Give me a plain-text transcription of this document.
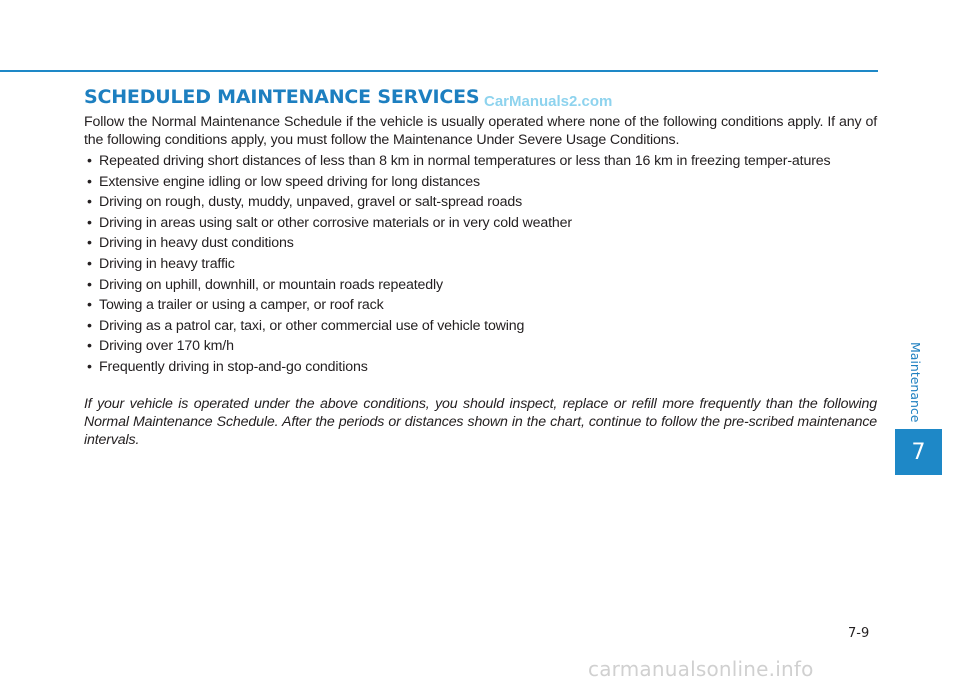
SCHEDULED MAINTENANCE SERVICES CarManuals2.com

Follow the Normal Maintenance Schedule if the vehicle is usually operated where none of the following conditions apply. If any of the following conditions apply, you must follow the Maintenance Under Severe Usage Conditions.

• Repeated driving short distances of less than 8 km in normal temperatures or less than 16 km in freezing temper-atures
• Extensive engine idling or low speed driving for long distances
• Driving on rough, dusty, muddy, unpaved, gravel or salt-spread roads
• Driving in areas using salt or other corrosive materials or in very cold weather
• Driving in heavy dust conditions
• Driving in heavy traffic
• Driving on uphill, downhill, or mountain roads repeatedly
• Towing a trailer or using a camper, or roof rack
• Driving as a patrol car, taxi, or other commercial use of vehicle towing
• Driving over 170 km/h
• Frequently driving in stop-and-go conditions

If your vehicle is operated under the above conditions, you should inspect, replace or refill more frequently than the following Normal Maintenance Schedule. After the periods or distances shown in the chart, continue to follow the pre-scribed maintenance intervals.

Maintenance
7
7-9
carmanualsonline.info
